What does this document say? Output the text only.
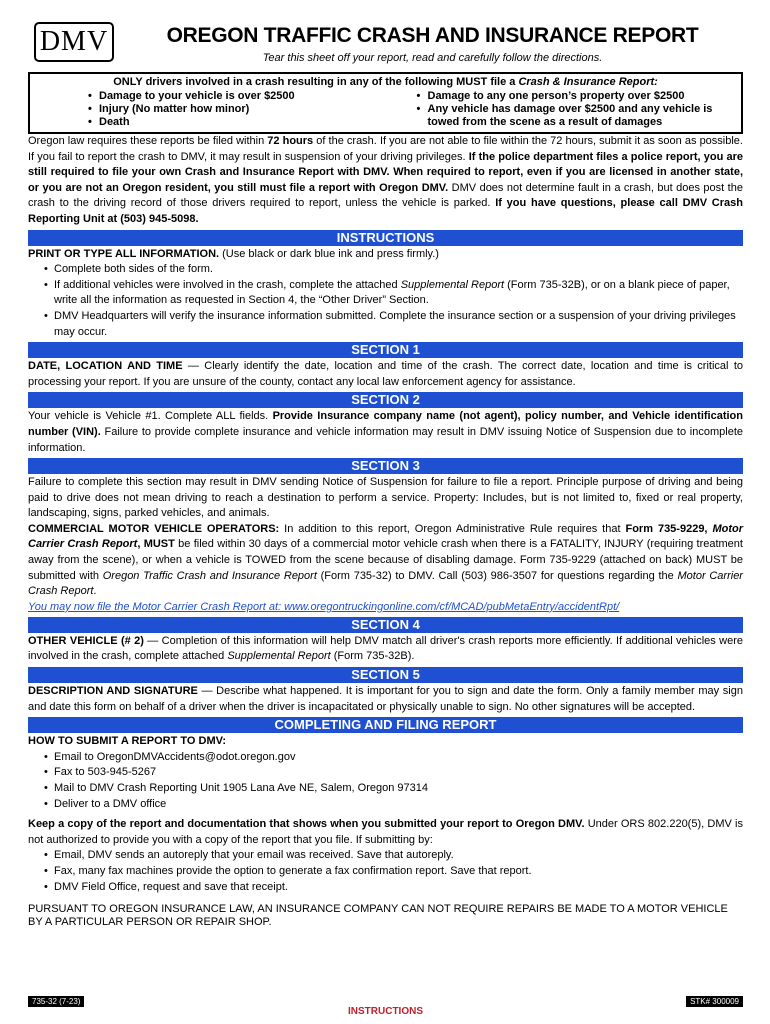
DMV	OREGON TRAFFIC CRASH AND INSURANCE REPORT
Tear this sheet off your report, read and carefully follow the directions.
ONLY drivers involved in a crash resulting in any of the following MUST file a Crash & Insurance Report:
• Damage to your vehicle is over $2500
• Injury (No matter how minor)
• Death
• Damage to any one person’s property over $2500
• Any vehicle has damage over $2500 and any vehicle is towed from the scene as a result of damages

Oregon law requires these reports be filed within 72 hours of the crash. If you are not able to file within the 72 hours, submit it as soon as possible. If you fail to report the crash to DMV, it may result in suspension of your driving privileges. If the police department files a police report, you are still required to file your own Crash and Insurance Report with DMV. When required to report, even if you are licensed in another state, or you are not an Oregon resident, you still must file a report with Oregon DMV. DMV does not determine fault in a crash, but does post the crash to the driving record of those drivers required to report, unless the vehicle is parked. If you have questions, please call DMV Crash Reporting Unit at (503) 945-5098.

INSTRUCTIONS

PRINT OR TYPE ALL INFORMATION. (Use black or dark blue ink and press firmly.)

• Complete both sides of the form.
• If additional vehicles were involved in the crash, complete the attached Supplemental Report (Form 735-32B), or on a blank piece of paper, write all the information as requested in Section 4, the “Other Driver” Section.
• DMV Headquarters will verify the insurance information submitted. Complete the insurance section or a suspension of your driving privileges may occur.
SECTION 1

DATE, LOCATION AND TIME — Clearly identify the date, location and time of the crash. The correct date, location and time is critical to processing your report. If you are unsure of the county, contact any local law enforcement agency for assistance.

SECTION 2

Your vehicle is Vehicle #1. Complete ALL fields. Provide Insurance company name (not agent), policy number, and Vehicle identification number (VIN). Failure to provide complete insurance and vehicle information may result in DMV issuing Notice of Suspension due to incomplete information.

SECTION 3

Failure to complete this section may result in DMV sending Notice of Suspension for failure to file a report. Principle purpose of driving and being paid to drive does not mean driving to reach a destination to perform a service. Property: Includes, but is not limited to, fixed or real property, landscaping, signs, parked vehicles, and animals.

COMMERCIAL MOTOR VEHICLE OPERATORS: In addition to this report, Oregon Administrative Rule requires that Form 735-9229, Motor Carrier Crash Report, MUST be filed within 30 days of a commercial motor vehicle crash when there is a FATALITY, INJURY (requiring treatment away from the scene), or when a vehicle is TOWED from the scene because of disabling damage. Form 735-9229 (attached on back) MUST be submitted with Oregon Traffic Crash and Insurance Report (Form 735-32) to DMV. Call (503) 986-3507 for questions regarding the Motor Carrier Crash Report.

You may now file the Motor Carrier Crash Report at: www.oregontruckingonline.com/cf/MCAD/pubMetaEntry/accidentRpt/
SECTION 4

OTHER VEHICLE (# 2) — Completion of this information will help DMV match all driver's crash reports more efficiently. If additional vehicles were involved in the crash, complete attached Supplemental Report (Form 735-32B).

SECTION 5

DESCRIPTION AND SIGNATURE — Describe what happened. It is important for you to sign and date the form. Only a family member may sign and date this form on behalf of a driver when the driver is incapacitated or physically unable to sign. No other signatures will be accepted.

COMPLETING AND FILING REPORT

HOW TO SUBMIT A REPORT TO DMV:

• Email to OregonDMVAccidents@odot.oregon.gov
• Fax to 503-945-5267
• Mail to DMV Crash Reporting Unit 1905 Lana Ave NE, Salem, Oregon 97314
• Deliver to a DMV office

Keep a copy of the report and documentation that shows when you submitted your report to Oregon DMV. Under ORS 802.220(5), DMV is not authorized to provide you with a copy of the report that you file. If submitting by:

• Email, DMV sends an autoreply that your email was received. Save that autoreply.
• Fax, many fax machines provide the option to generate a fax confirmation report. Save that report.
• DMV Field Office, request and save that receipt.
PURSUANT TO OREGON INSURANCE LAW, AN INSURANCE COMPANY CAN NOT REQUIRE REPAIRS BE MADE TO A MOTOR VEHICLE BY A PARTICULAR PERSON OR REPAIR SHOP.
735-32 (7-23)	STK# 300009
INSTRUCTIONS
